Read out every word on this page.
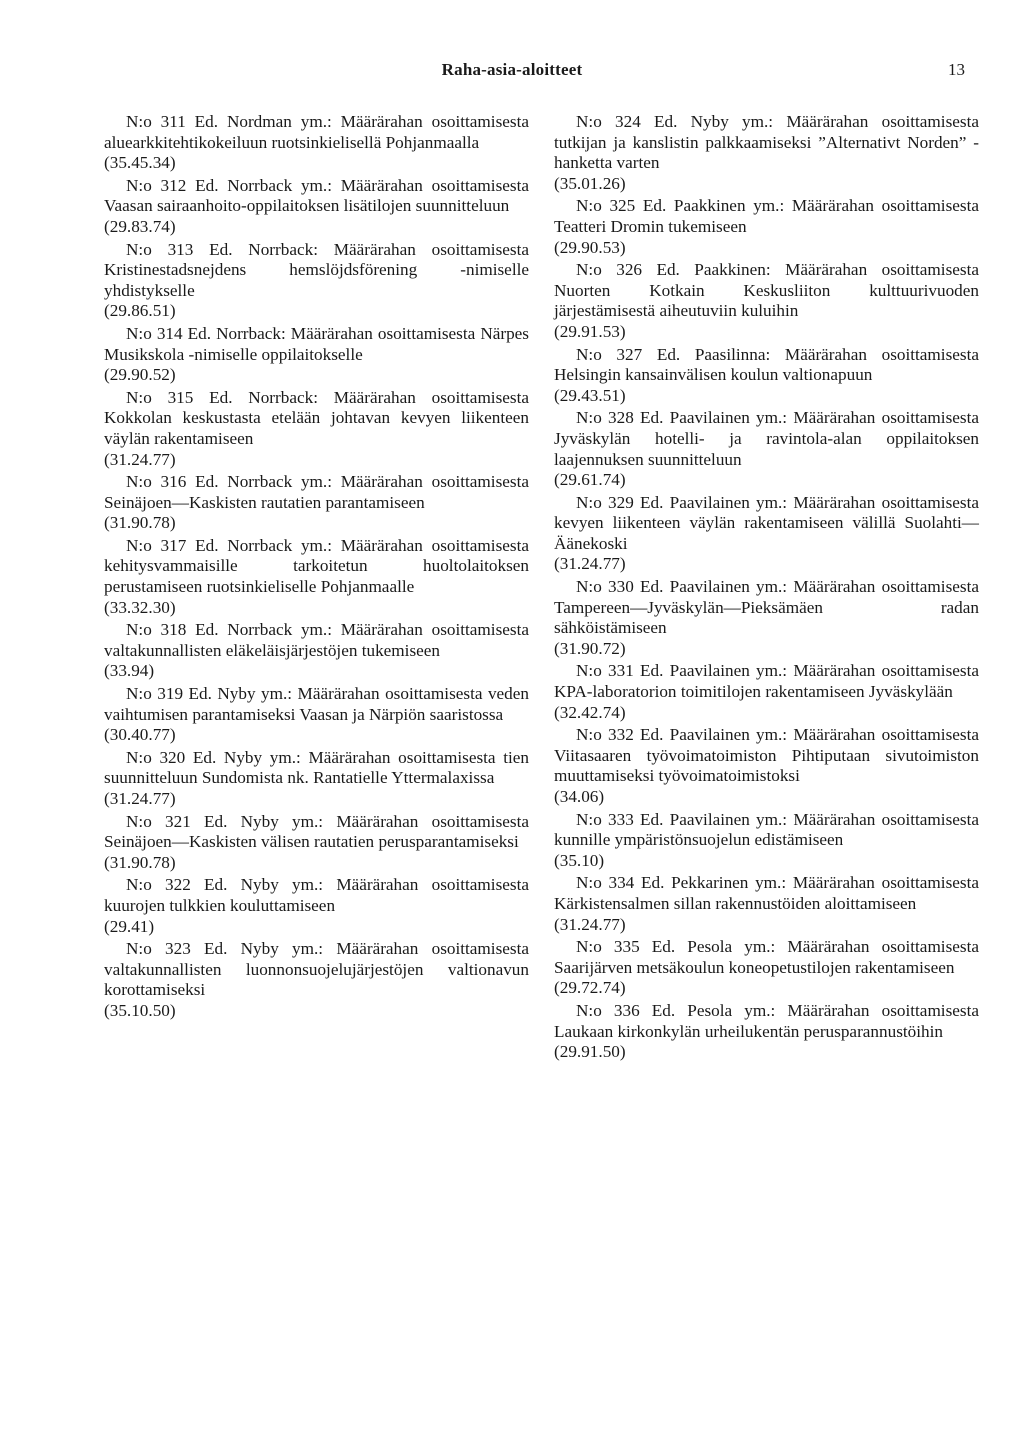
Raha-asia-aloitteet	13

N:o 311 Ed. Nordman ym.: Määrärahan osoittamisesta aluearkkitehtikokeiluun ruotsinkielisellä Pohjanmaalla

(35.45.34)

N:o 312 Ed. Norrback ym.: Määrärahan osoittamisesta Vaasan sairaanhoito-oppilaitoksen lisätilojen suunnitteluun

(29.83.74)

N:o 313 Ed. Norrback: Määrärahan osoittamisesta Kristinestadsnejdens hemslöjdsförening -nimiselle yhdistykselle

(29.86.51)

N:o 314 Ed. Norrback: Määrärahan osoittamisesta Närpes Musikskola -nimiselle oppilaitokselle

(29.90.52)

N:o 315 Ed. Norrback: Määrärahan osoittamisesta Kokkolan keskustasta etelään johtavan kevyen liikenteen väylän rakentamiseen

(31.24.77)

N:o 316 Ed. Norrback ym.: Määrärahan osoittamisesta Seinäjoen—Kaskisten rautatien parantamiseen

(31.90.78)

N:o 317 Ed. Norrback ym.: Määrärahan osoittamisesta kehitysvammaisille tarkoitetun huoltolaitoksen perustamiseen ruotsinkieliselle Pohjanmaalle

(33.32.30)

N:o 318 Ed. Norrback ym.: Määrärahan osoittamisesta valtakunnallisten eläkeläisjärjestöjen tukemiseen

(33.94)

N:o 319 Ed. Nyby ym.: Määrärahan osoittamisesta veden vaihtumisen parantamiseksi Vaasan ja Närpiön saaristossa

(30.40.77)

N:o 320 Ed. Nyby ym.: Määrärahan osoittamisesta tien suunnitteluun Sundomista nk. Rantatielle Yttermalaxissa

(31.24.77)

N:o 321 Ed. Nyby ym.: Määrärahan osoittamisesta Seinäjoen—Kaskisten välisen rautatien perusparantamiseksi

(31.90.78)

N:o 322 Ed. Nyby ym.: Määrärahan osoittamisesta kuurojen tulkkien kouluttamiseen

(29.41)

N:o 323 Ed. Nyby ym.: Määrärahan osoittamisesta valtakunnallisten luonnonsuojelujärjestöjen valtionavun korottamiseksi

(35.10.50)

N:o 324 Ed. Nyby ym.: Määrärahan osoittamisesta tutkijan ja kanslistin palkkaamiseksi ”Alternativt Norden” -hanketta varten

(35.01.26)

N:o 325 Ed. Paakkinen ym.: Määrärahan osoittamisesta Teatteri Dromin tukemiseen

(29.90.53)

N:o 326 Ed. Paakkinen: Määrärahan osoittamisesta Nuorten Kotkain Keskusliiton kulttuurivuoden järjestämisestä aiheutuviin kuluihin

(29.91.53)

N:o 327 Ed. Paasilinna: Määrärahan osoittamisesta Helsingin kansainvälisen koulun valtionapuun

(29.43.51)

N:o 328 Ed. Paavilainen ym.: Määrärahan osoittamisesta Jyväskylän hotelli- ja ravintola-alan oppilaitoksen laajennuksen suunnitteluun

(29.61.74)

N:o 329 Ed. Paavilainen ym.: Määrärahan osoittamisesta kevyen liikenteen väylän rakentamiseen välillä Suolahti—Äänekoski

(31.24.77)

N:o 330 Ed. Paavilainen ym.: Määrärahan osoittamisesta Tampereen—Jyväskylän—Pieksämäen radan sähköistämiseen

(31.90.72)

N:o 331 Ed. Paavilainen ym.: Määrärahan osoittamisesta KPA-laboratorion toimitilojen rakentamiseen Jyväskylään

(32.42.74)

N:o 332 Ed. Paavilainen ym.: Määrärahan osoittamisesta Viitasaaren työvoimatoimiston Pihtiputaan sivutoimiston muuttamiseksi työvoimatoimistoksi

(34.06)

N:o 333 Ed. Paavilainen ym.: Määrärahan osoittamisesta kunnille ympäristönsuojelun edistämiseen

(35.10)

N:o 334 Ed. Pekkarinen ym.: Määrärahan osoittamisesta Kärkistensalmen sillan rakennustöiden aloittamiseen

(31.24.77)

N:o 335 Ed. Pesola ym.: Määrärahan osoittamisesta Saarijärven metsäkoulun koneopetustilojen rakentamiseen

(29.72.74)

N:o 336 Ed. Pesola ym.: Määrärahan osoittamisesta Laukaan kirkonkylän urheilukentän perusparannustöihin

(29.91.50)
